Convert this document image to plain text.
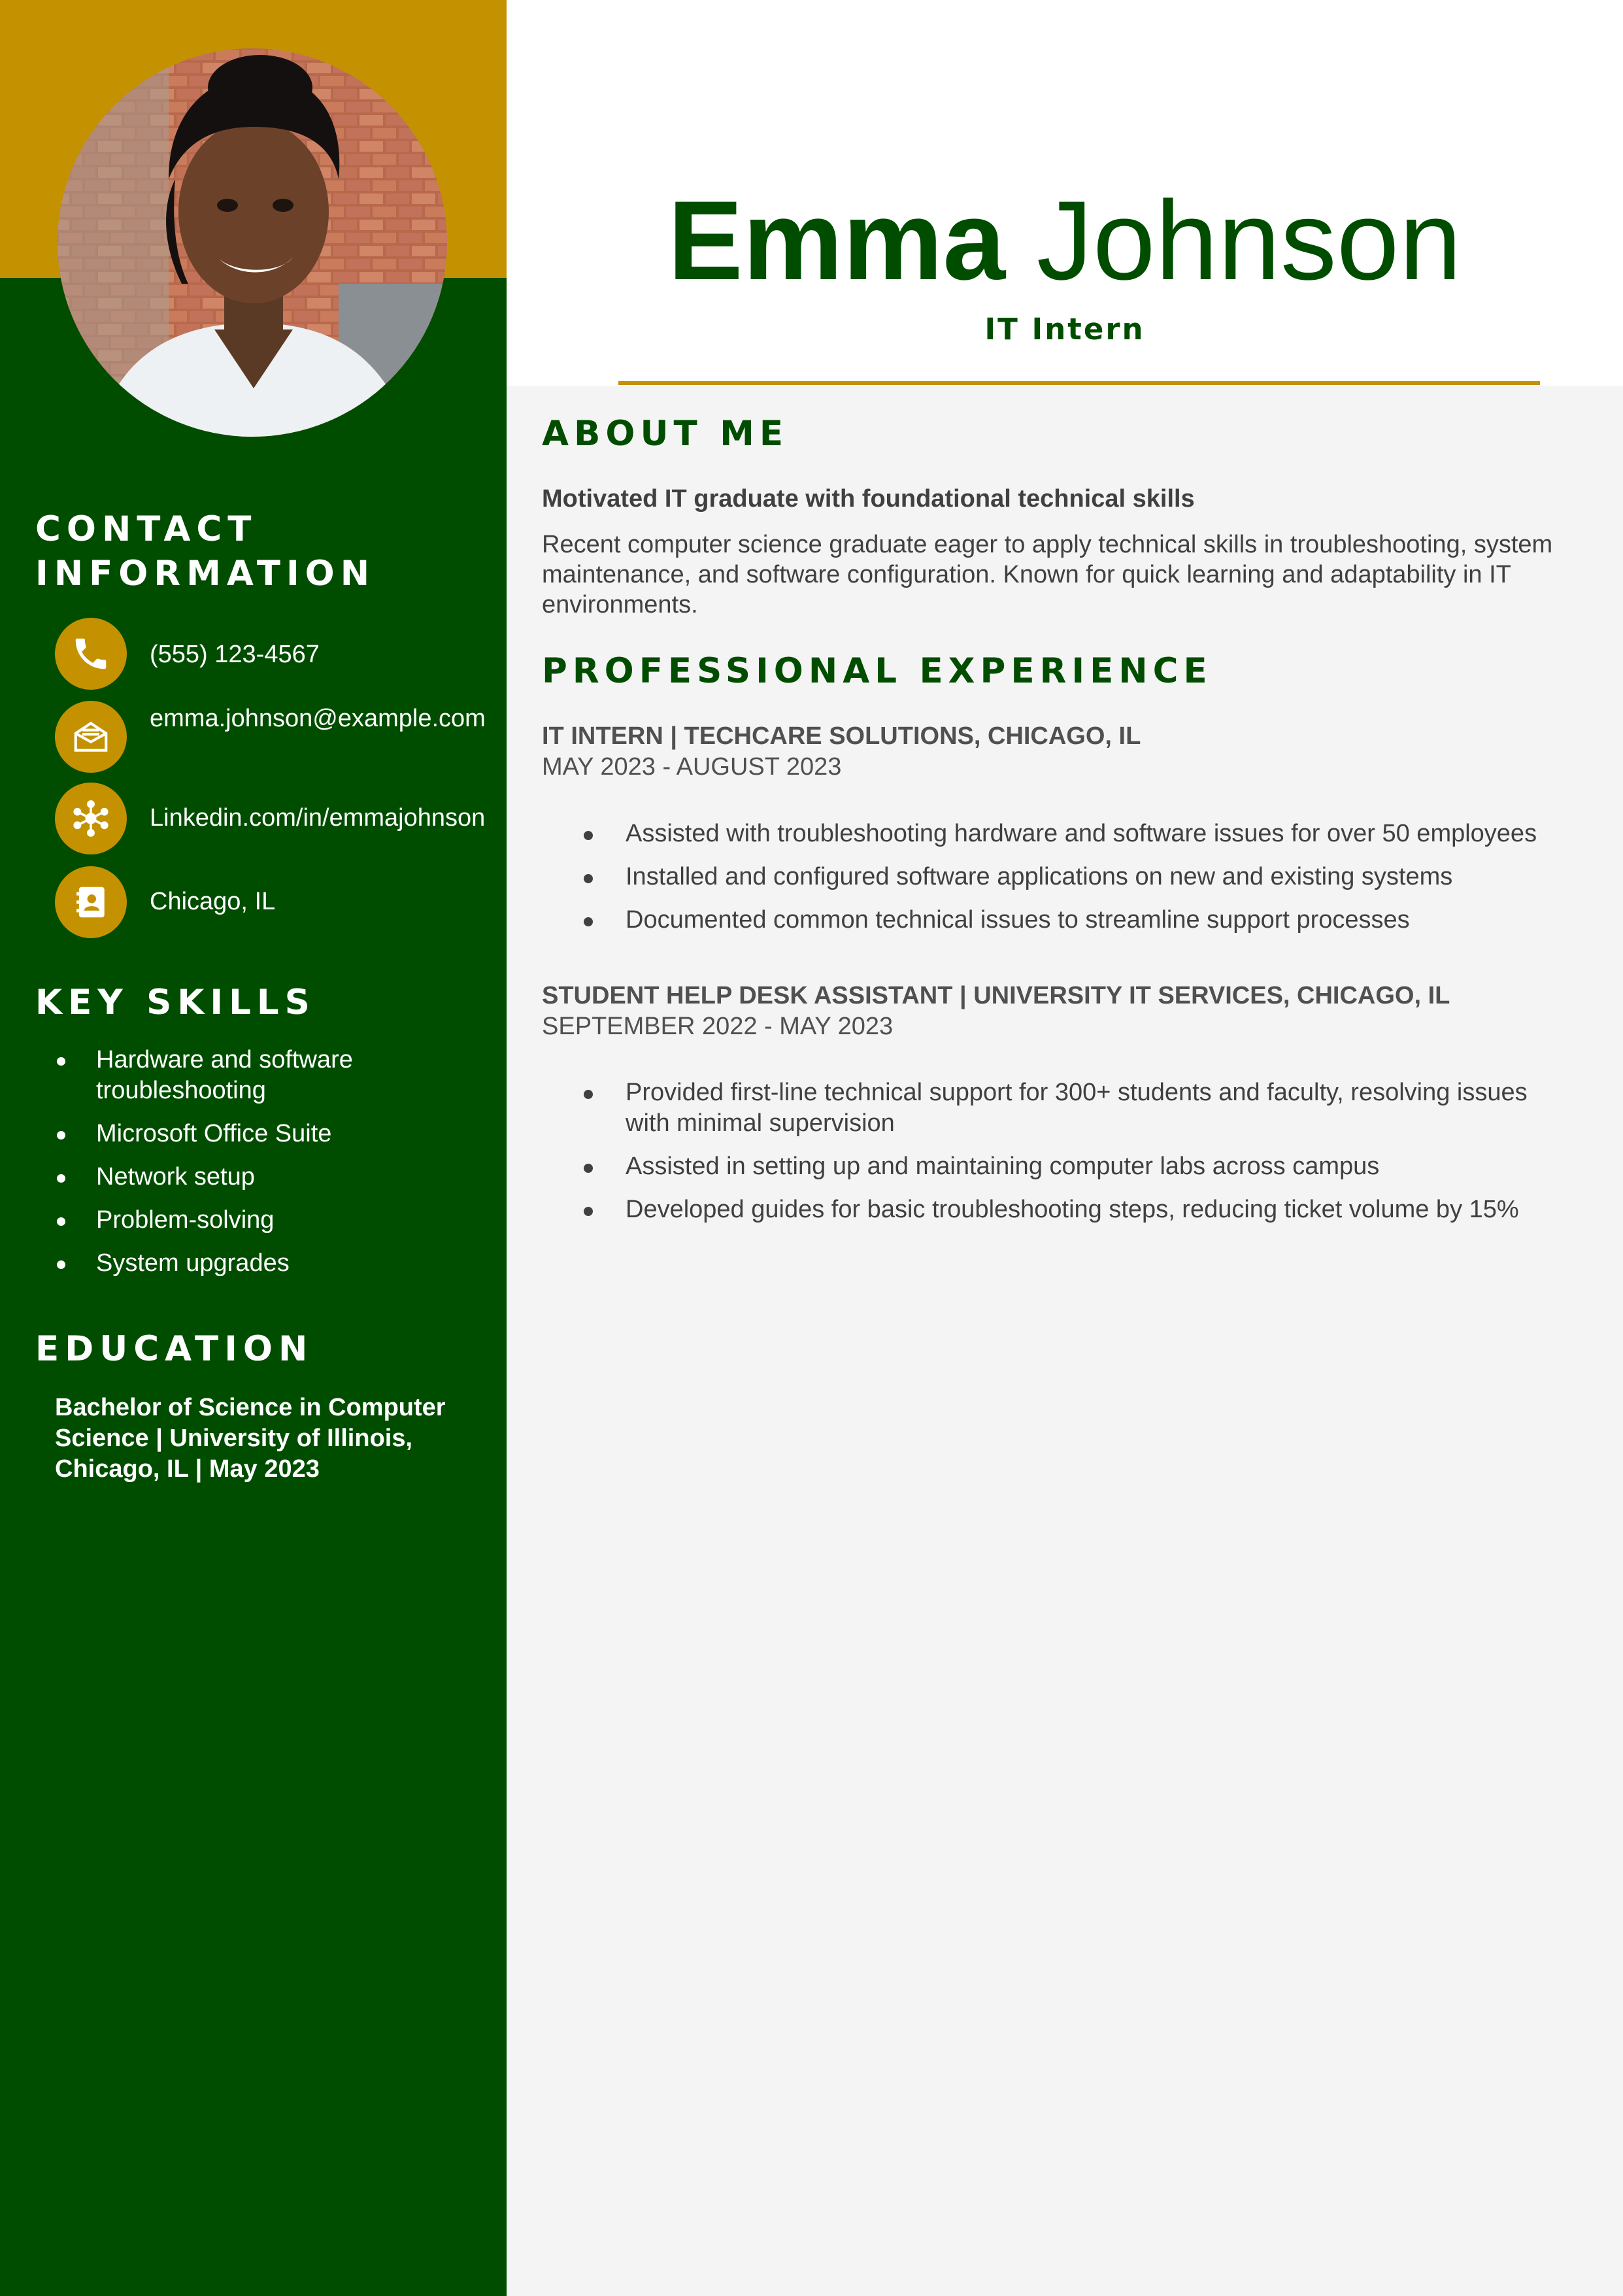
CONTACT
INFORMATION
(555) 123-4567
emma.johnson@example.com
Linkedin.com/in/emmajohnson
Chicago, IL
KEY SKILLS
Hardware and software troubleshooting
Microsoft Office Suite
Network setup
Problem-solving
System upgrades
EDUCATION

Bachelor of Science in Computer Science | University of Illinois, Chicago, IL | May 2023

Emma Johnson

IT Intern

ABOUT ME

Motivated IT graduate with foundational technical skills

Recent computer science graduate eager to apply technical skills in troubleshooting, system maintenance, and software configuration. Known for quick learning and adaptability in IT environments.

PROFESSIONAL EXPERIENCE

IT INTERN | TECHCARE SOLUTIONS, CHICAGO, IL

MAY 2023 - AUGUST 2023

Assisted with troubleshooting hardware and software issues for over 50 employees
Installed and configured software applications on new and existing systems
Documented common technical issues to streamline support processes

STUDENT HELP DESK ASSISTANT | UNIVERSITY IT SERVICES, CHICAGO, IL

SEPTEMBER 2022 - MAY 2023

Provided first-line technical support for 300+ students and faculty, resolving issues with minimal supervision
Assisted in setting up and maintaining computer labs across campus
Developed guides for basic troubleshooting steps, reducing ticket volume by 15%
